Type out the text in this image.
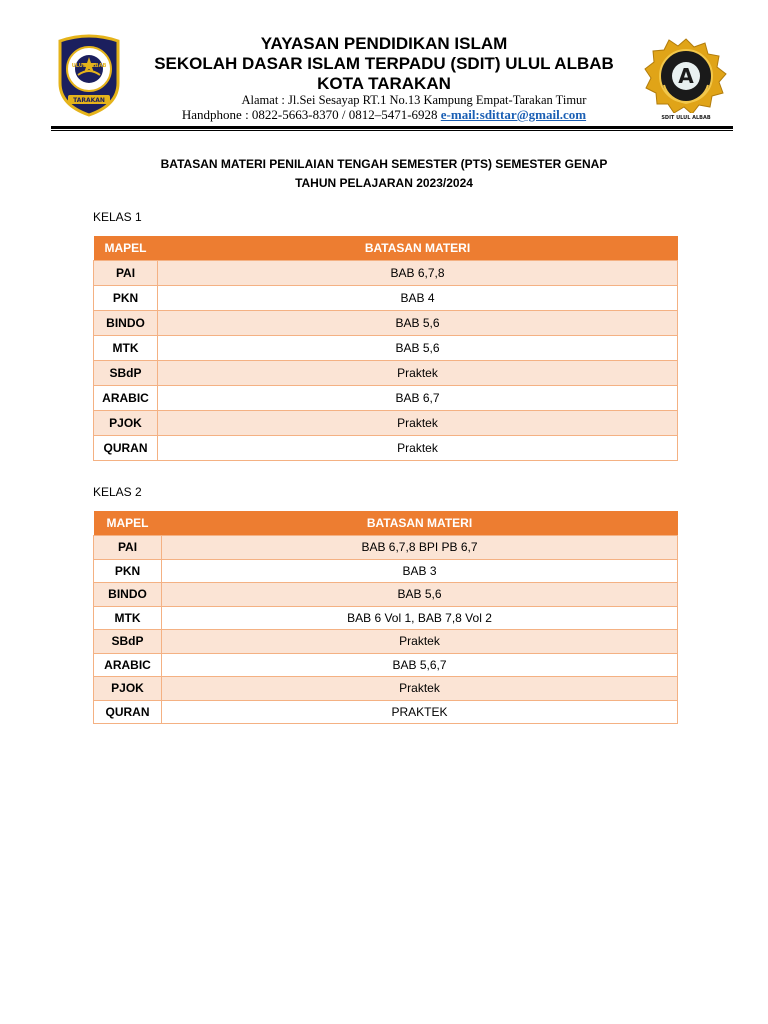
ULUL ALBAB
TARAKAN
A
SDIT ULUL ALBAB
YAYASAN PENDIDIKAN ISLAM
SEKOLAH DASAR ISLAM TERPADU (SDIT) ULUL ALBAB
KOTA TARAKAN
Alamat : Jl.Sei Sesayap RT.1 No.13 Kampung Empat-Tarakan Timur
Handphone : 0822-5663-8370 / 0812–5471-6928 e-mail:sdittar@gmail.com
BATASAN MATERI PENILAIAN TENGAH SEMESTER (PTS) SEMESTER GENAP
TAHUN PELAJARAN 2023/2024
KELAS 1
MAPEL	BATASAN MATERI
PAI	BAB 6,7,8
PKN	BAB 4
BINDO	BAB 5,6
MTK	BAB 5,6
SBdP	Praktek
ARABIC	BAB 6,7
PJOK	Praktek
QURAN	Praktek
KELAS 2
MAPEL	BATASAN MATERI
PAI	BAB 6,7,8 BPI PB 6,7
PKN	BAB 3
BINDO	BAB 5,6
MTK	BAB 6 Vol 1, BAB 7,8 Vol 2
SBdP	Praktek
ARABIC	BAB 5,6,7
PJOK	Praktek
QURAN	PRAKTEK
